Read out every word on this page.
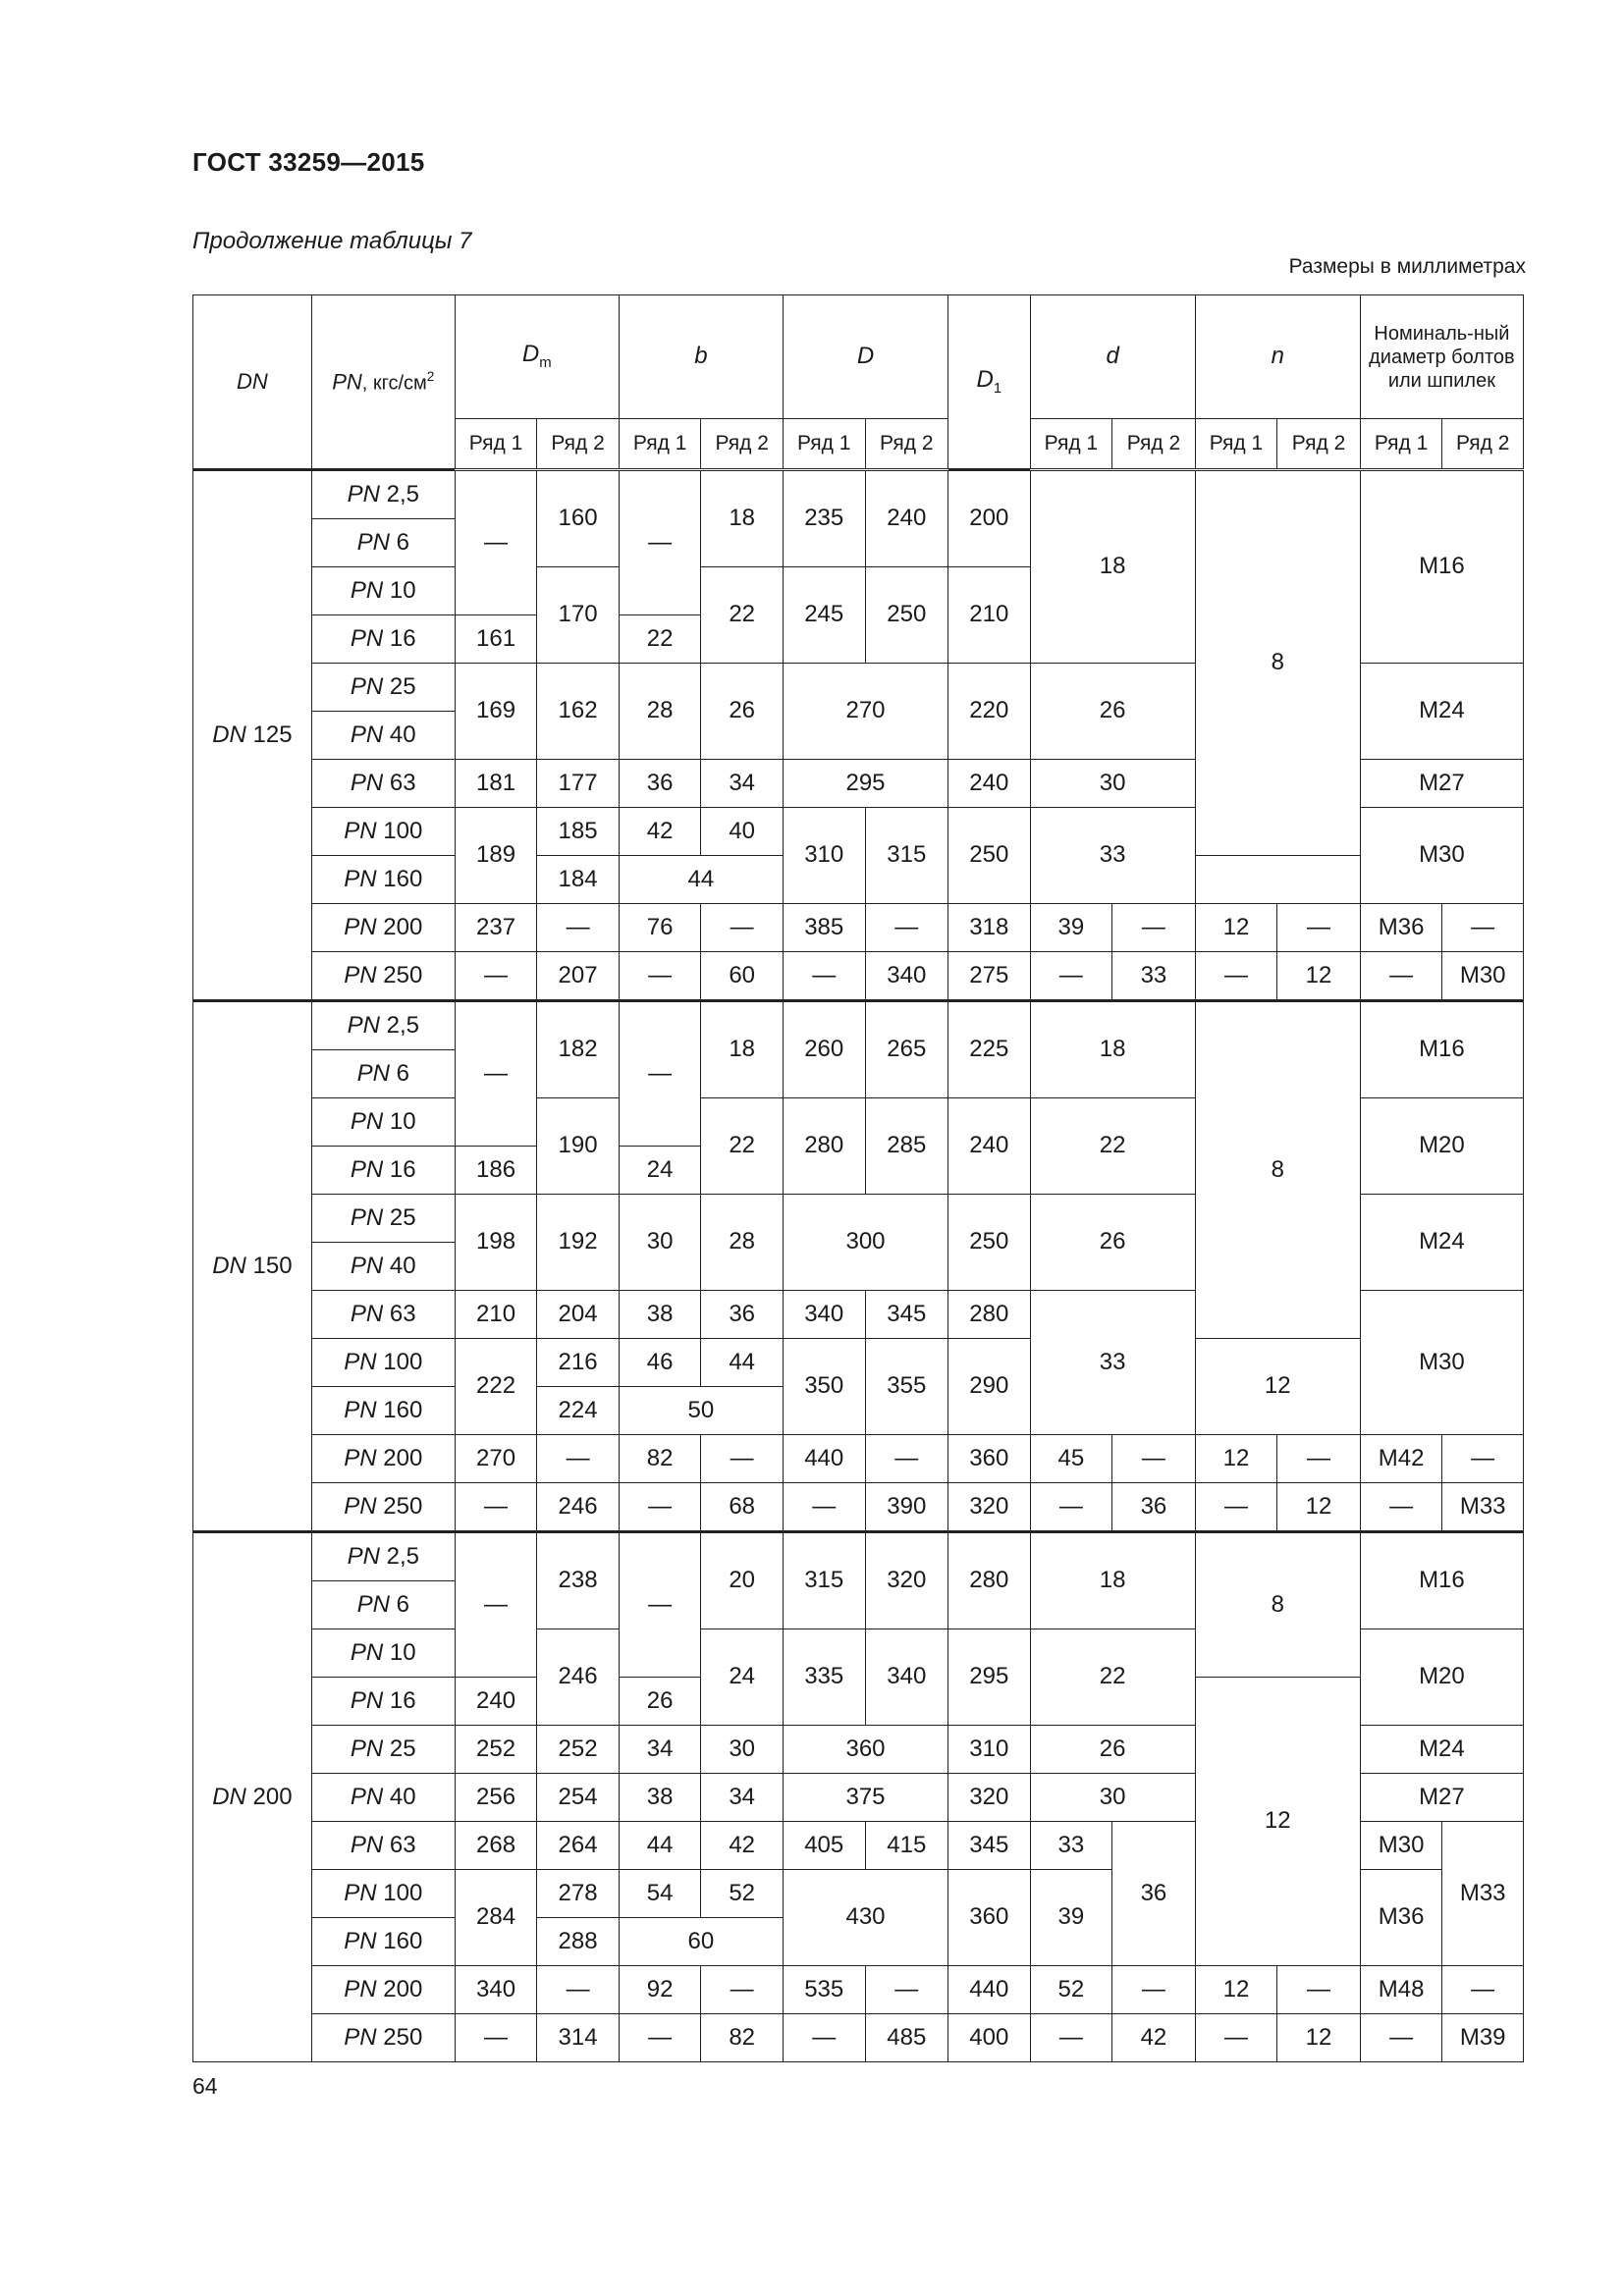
ГОСТ 33259—2015
Продолжение таблицы 7
Размеры в миллиметрах
DN	PN, кгс/$см^2$	$D_m$		b		D		$D_1$	d		n		Номиналь-ный диаметр болтов или шпилек	
		Ряд 1	Ряд 2	Ряд 1	Ряд 2	Ряд 1	Ряд 2		Ряд 1	Ряд 2	Ряд 1	Ряд 2	Ряд 1	Ряд 2
DN 125	PN 2,5	—	160	—	18	235	240	200	18		8		M16	
	PN 6													
	PN 10		170		22	245	250	210						
	PN 16	161		22										
	PN 25	169	162	28	26	270		220	26				M24	
	PN 40													
	PN 63	181	177	36	34	295		240	30				M27	
	PN 100	189	185	42	40	310	315	250	33				M30	
	PN 160		184	44										
	PN 200	237	—	76	—	385	—	318	39	—	12	—	M36	—
	PN 250	—	207	—	60	—	340	275	—	33	—	12	—	M30
DN 150	PN 2,5	—	182	—	18	260	265	225	18		8		M16	
	PN 6													
	PN 10		190		22	280	285	240	22				M20	
	PN 16	186		24										
	PN 25	198	192	30	28	300		250	26				M24	
	PN 40													
	PN 63	210	204	38	36	340	345	280	33				M30	
	PN 100	222	216	46	44	350	355	290			12			
	PN 160		224	50										
	PN 200	270	—	82	—	440	—	360	45	—	12	—	M42	—
	PN 250	—	246	—	68	—	390	320	—	36	—	12	—	M33
DN 200	PN 2,5	—	238	—	20	315	320	280	18		8		M16	
	PN 6													
	PN 10		246		24	335	340	295	22				M20	
	PN 16	240		26							12			
	PN 25	252	252	34	30	360		310	26				M24	
	PN 40	256	254	38	34	375		320	30				M27	
	PN 63	268	264	44	42	405	415	345	33	36			M30	M33
	PN 100	284	278	54	52	430		360	39				M36	
	PN 160		288	60										
	PN 200	340	—	92	—	535	—	440	52	—	12	—	M48	—
	PN 250	—	314	—	82	—	485	400	—	42	—	12	—	M39
64
